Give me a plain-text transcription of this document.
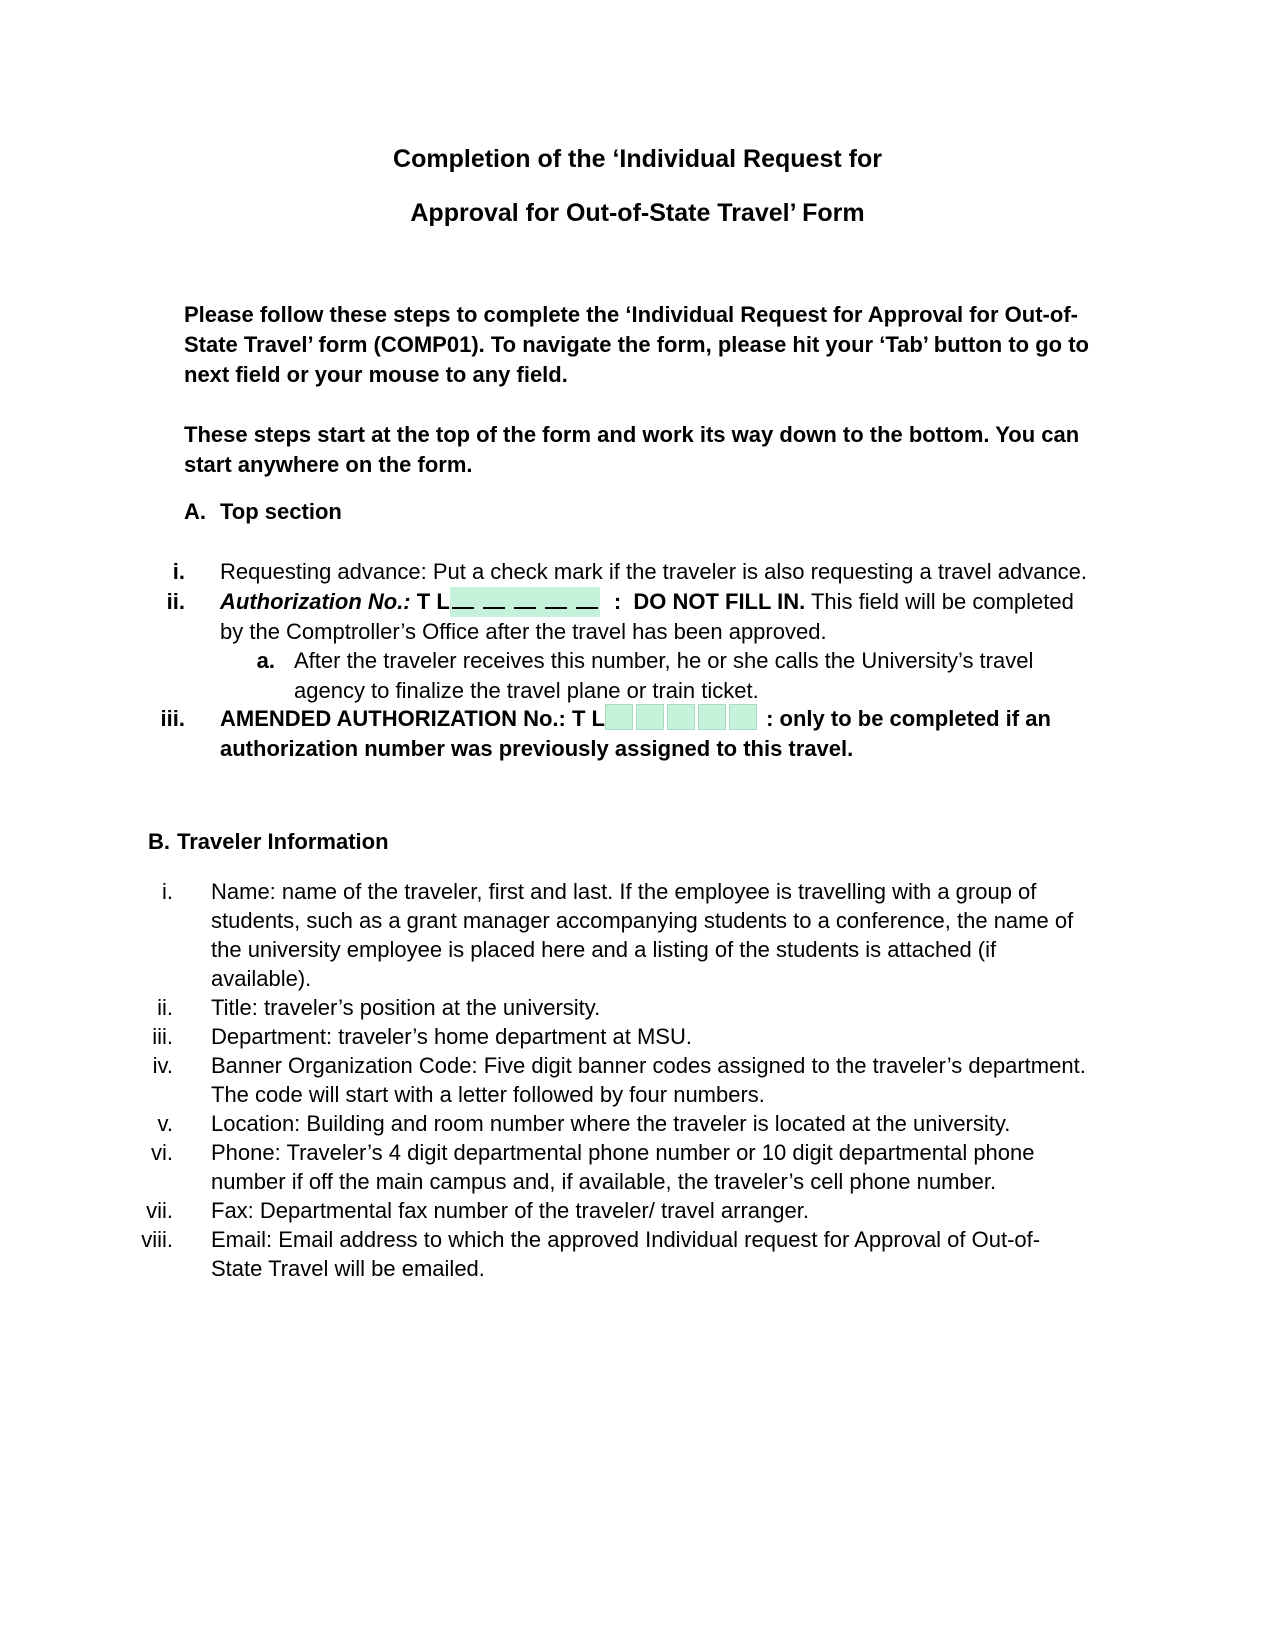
Completion of the ‘Individual Request for
Approval for Out-of-State Travel’ Form
Please follow these steps to complete the ‘Individual Request for Approval for Out-of-
State Travel’ form (COMP01). To navigate the form, please hit your ‘Tab’ button to go to
next field or your mouse to any field.
These steps start at the top of the form and work its way down to the bottom. You can
start anywhere on the form.
A. Top section
i. Requesting advance: Put a check mark if the traveler is also requesting a travel advance.
ii. Authorization No.: T L	: DO NOT FILL IN. This field will be completed
by the Comptroller’s Office after the travel has been approved.
a. After the traveler receives this number, he or she calls the University’s travel
agency to finalize the travel plane or train ticket.
iii. AMENDED AUTHORIZATION No.: T L	: only to be completed if an
authorization number was previously assigned to this travel.
B. Traveler Information
i. Name: name of the traveler, first and last. If the employee is travelling with a group of
students, such as a grant manager accompanying students to a conference, the name of
the university employee is placed here and a listing of the students is attached (if
available).
ii. Title: traveler’s position at the university.
iii. Department: traveler’s home department at MSU.
iv. Banner Organization Code: Five digit banner codes assigned to the traveler’s department.
The code will start with a letter followed by four numbers.
v. Location: Building and room number where the traveler is located at the university.
vi. Phone: Traveler’s 4 digit departmental phone number or 10 digit departmental phone
number if off the main campus and, if available, the traveler’s cell phone number.
vii. Fax: Departmental fax number of the traveler/ travel arranger.
viii. Email: Email address to which the approved Individual request for Approval of Out-of-
State Travel will be emailed.
